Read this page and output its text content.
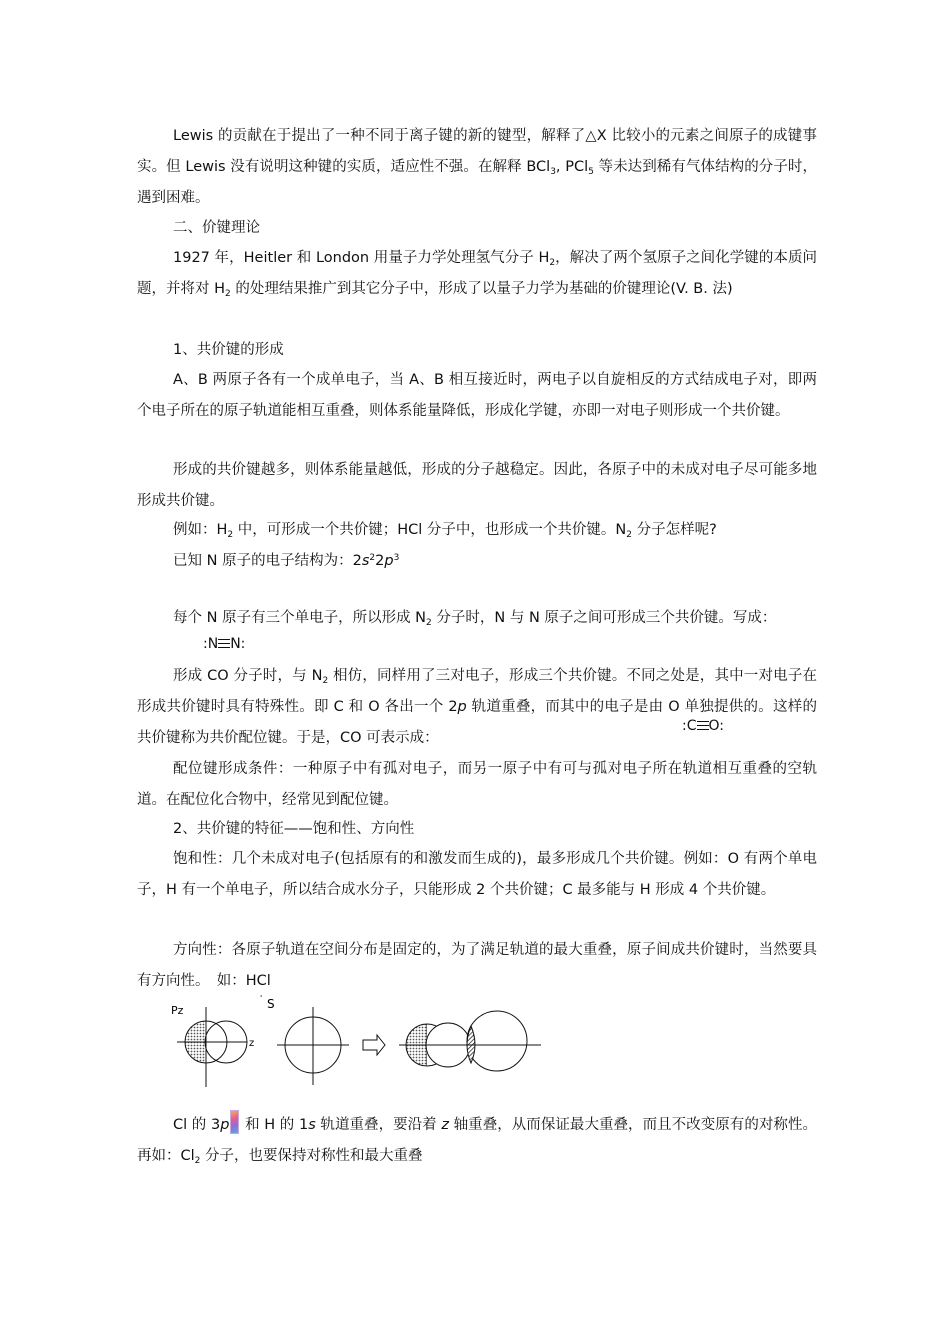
Lewis 的贡献在于提出了一种不同于离子键的新的键型，解释了△X 比较小的元素之间原子的成键事实。但 Lewis 没有说明这种键的实质，适应性不强。在解释 BCl$_3$, PCl$_5$ 等未达到稀有气体结构的分子时，遇到困难。

二、价键理论

1927 年，Heitler 和 London 用量子力学处理氢气分子 $H_2$，解决了两个氢原子之间化学键的本质问题，并将对 $H_2$ 的处理结果推广到其它分子中，形成了以量子力学为基础的价键理论(V. B. 法)

1、共价键的形成

A、B 两原子各有一个成单电子，当 A、B 相互接近时，两电子以自旋相反的方式结成电子对，即两个电子所在的原子轨道能相互重叠，则体系能量降低，形成化学键，亦即一对电子则形成一个共价键。

形成的共价键越多，则体系能量越低，形成的分子越稳定。因此，各原子中的未成对电子尽可能多地形成共价键。

例如：$H_2$ 中，可形成一个共价键；HCl 分子中，也形成一个共价键。$N_2$ 分子怎样呢?

已知 N 原子的电子结构为：$2s^22p^3$

每个 N 原子有三个单电子，所以形成 $N_2$ 分子时，N 与 N 原子之间可形成三个共价键。写成：

:N N:

形成 CO 分子时，与 $N_2$ 相仿，同样用了三对电子，形成三个共价键。不同之处是，其中一对电子在形成共价键时具有特殊性。即 C 和 O 各出一个 2p 轨道重叠，而其中的电子是由 O 单独提供的。这样的共价键称为共价配位键。于是，CO 可表示成：

:C O:

配位键形成条件：一种原子中有孤对电子，而另一原子中有可与孤对电子所在轨道相互重叠的空轨道。在配位化合物中，经常见到配位键。

2、共价键的特征——饱和性、方向性

饱和性：几个未成对电子(包括原有的和激发而生成的)，最多形成几个共价键。例如：O 有两个单电子，H 有一个单电子，所以结合成水分子，只能形成 2 个共价键；C 最多能与 H 形成 4 个共价键。

方向性：各原子轨道在空间分布是固定的，为了满足轨道的最大重叠，原子间成共价键时，当然要具有方向性。　如：HCl

Pz
z
S
'

Cl 的 3p 和 H 的 1s 轨道重叠，要沿着 z 轴重叠，从而保证最大重叠，而且不改变原有的对称性。再如：$Cl_2$ 分子，也要保持对称性和最大重叠
